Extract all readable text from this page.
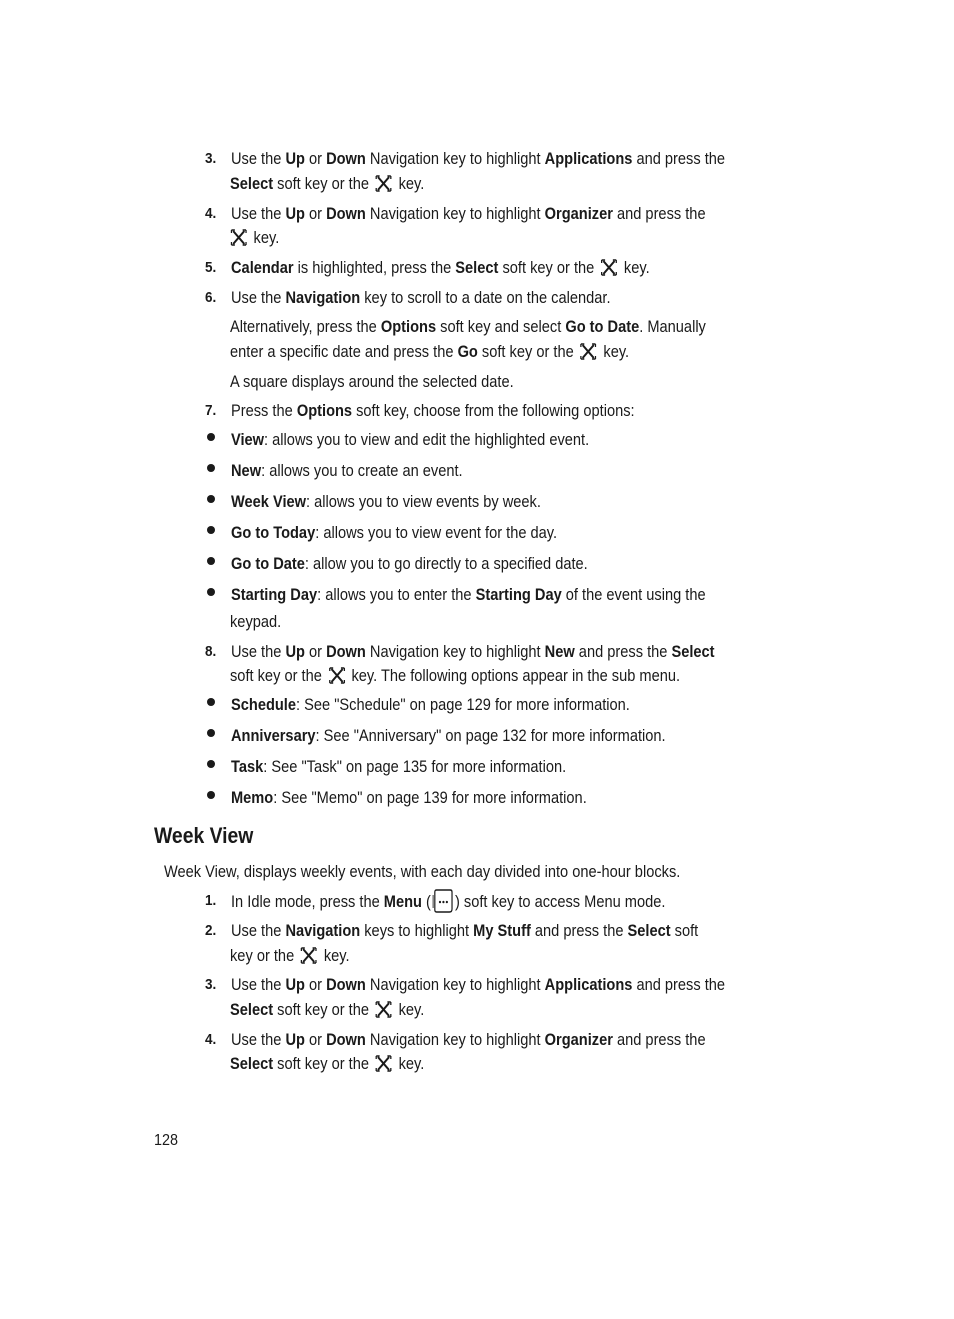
3. Use the Up or Down Navigation key to highlight Applications and press the
Select soft key or the  key.
4. Use the Up or Down Navigation key to highlight Organizer and press the
key.
5. Calendar is highlighted, press the Select soft key or the  key.
6. Use the Navigation key to scroll to a date on the calendar.
Alternatively, press the Options soft key and select Go to Date. Manually
enter a specific date and press the Go soft key or the  key.
A square displays around the selected date.
7. Press the Options soft key, choose from the following options:
View: allows you to view and edit the highlighted event.
New: allows you to create an event.
Week View: allows you to view events by week.
Go to Today: allows you to view event for the day.
Go to Date: allow you to go directly to a specified date.
Starting Day: allows you to enter the Starting Day of the event using the
keypad.
8. Use the Up or Down Navigation key to highlight New and press the Select
soft key or the  key. The following options appear in the sub menu.
Schedule: See "Schedule" on page 129 for more information.
Anniversary: See "Anniversary" on page 132 for more information.
Task: See "Task" on page 135 for more information.
Memo: See "Memo" on page 139 for more information.
Week View
Week View, displays weekly events, with each day divided into one-hour blocks.
1. In Idle mode, press the Menu ( ) soft key to access Menu mode.
2. Use the Navigation keys to highlight My Stuff and press the Select soft
key or the  key.
3. Use the Up or Down Navigation key to highlight Applications and press the
Select soft key or the  key.
4. Use the Up or Down Navigation key to highlight Organizer and press the
Select soft key or the  key.
128
